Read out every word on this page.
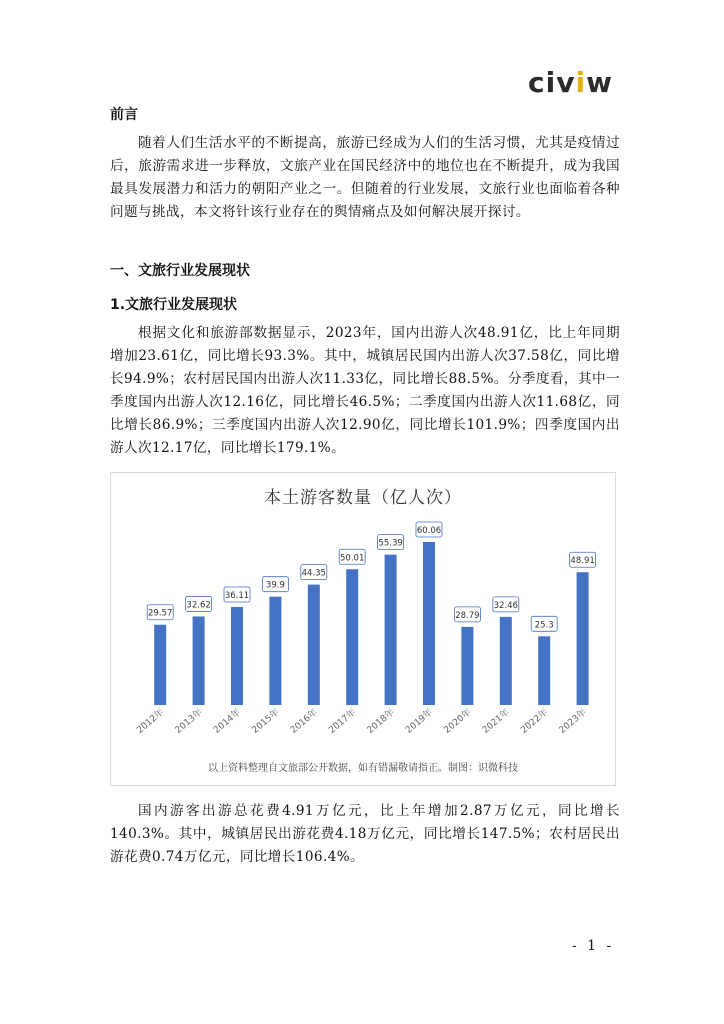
civ i w
前言
随着人们生活水平的不断提高，旅游已经成为人们的生活习惯，尤其是疫情过后，旅游需求进一步释放，文旅产业在国民经济中的地位也在不断提升，成为我国最具发展潜力和活力的朝阳产业之一。但随着的行业发展，文旅行业也面临着各种问题与挑战，本文将针该行业存在的舆情痛点及如何解决展开探讨。
一、文旅行业发展现状
1.文旅行业发展现状
根据文化和旅游部数据显示，2023年，国内出游人次48.91亿，比上年同期增加23.61亿，同比增长93.3%。其中，城镇居民国内出游人次37.58亿，同比增长94.9%；农村居民国内出游人次11.33亿，同比增长88.5%。分季度看，其中一季度国内出游人次12.16亿，同比增长46.5%；二季度国内出游人次11.68亿，同比增长86.9%；三季度国内出游人次12.90亿，同比增长101.9%；四季度国内出游人次12.17亿，同比增长179.1%。
本土游客数量（亿人次）
29.57
2012年
32.62
2013年
36.11
2014年
39.9
2015年
44.35
2016年
50.01
2017年
55.39
2018年
60.06
2019年
28.79
2020年
32.46
2021年
25.3
2022年
48.91
2023年
以上资料整理自文旅部公开数据，如有错漏敬请指正。制图：识微科技
国内游客出游总花费4.91万亿元，比上年增加2.87万亿元，同比增长140.3%。其中，城镇居民出游花费4.18万亿元，同比增长147.5%；农村居民出游花费0.74万亿元，同比增长106.4%。
- 1 -
